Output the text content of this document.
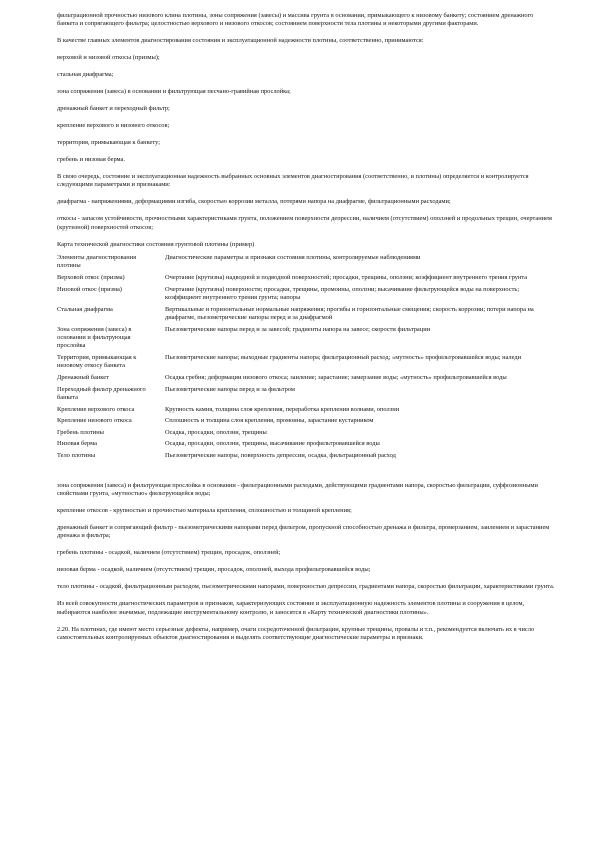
фильтрационной прочностью низового клина плотины, зоны сопряжения (завесы) и массива грунта в основании, примыкающего к низовому банкету; состоянием дренажного банкета и сопрягающего фильтра; целостностью верхового и низового откосов; состоянием поверхности тела плотины и некоторыми другими факторами.

В качестве главных элементов диагностирования состояния и эксплуатационной надежности плотины, соответственно, принимаются:

верховой и низовой откосы (призмы);

стальная диафрагма;

зона сопряжения (завеса) в основании и фильтрующая песчано-гравийная прослойка;

дренажный банкет и переходный фильтр;

крепление верхового и низового откосов;

территория, примыкающая к банкету;

гребень и низовая берма.

В свою очередь, состояние и эксплуатационная надежность выбранных основных элементов диагностирования (соответственно, и плотины) определяется и контролируется следующими параметрами и признаками:

диафрагма - напряжениями, деформациями изгиба, скоростью коррозии металла, потерями напора на диафрагме, фильтрационными расходами;

откосы - запасом устойчивости, прочностными характеристиками грунта, положением поверхности депрессии, наличием (отсутствием) оползней и продольных трещин, очертанием (крутизной) поверхностей откосов;

Карта технической диагностики состояния грунтовой плотины (пример)

Элементы диагностирования плотины	Диагностические параметры и признаки состояния плотины, контролируемые наблюдениями
Верховой откос (призма)	Очертание (крутизна) надводной и подводной поверхностей; просадки, трещины, оползни; коэффициент внутреннего трения грунта
Низовой откос (призма)	Очертание (крутизна) поверхности; просадки, трещины, промоины, оползни; высачивание фильтрующейся воды на поверхность; коэффициент внутреннего трения грунта; напоры
Стальная диафрагма	Вертикальные и горизонтальные нормальные напряжения; прогибы и горизонтальные смещения; скорость коррозии; потери напора на диафрагме, пьезометрические напоры перед и за диафрагмой
Зона сопряжения (завеса) в основании и фильтрующая прослойка	Пьезометрические напоры перед и за завесой; градиенты напора на завесе; скорости фильтрации
Территория, примыкающая к низовому откосу банкета	Пьезометрические напоры; выходные градиенты напора; фильтрационный расход; «мутность» профильтровавшейся воды; наледи
Дренажный банкет	Осадка гребня; деформации низового откоса; заиление; зарастание; замерзание воды; «мутность» профильтровавшейся воды
Переходный фильтр дренажного банкета	Пьезометрические напоры перед и за фильтром
Крепление верхового откоса	Крупность камня, толщина слоя крепления, переработка крепления волнами, оползни
Крепление низового откоса	Сплошность и толщина слоя крепления, промоины, зарастание кустарником
Гребень плотины	Осадка, просадки, оползни, трещины
Низовая берма	Осадка, просадки, оползни, трещины, высачивание профильтровавшейся воды
Тело плотины	Пьезометрические напоры, поверхность депрессии, осадка, фильтрационный расход

зона сопряжения (завеса) и фильтрующая прослойка в основании - фильтрационными расходами, действующими градиентами напора, скоростью фильтрации, суффозионными свойствами грунта, «мутностью» фильтрующейся воды;

крепление откосов - крупностью и прочностью материала крепления, сплошностью и толщиной крепления;

дренажный банкет и сопрягающий фильтр - пьезометрическими напорами перед фильтром, пропускной способностью дренажа и фильтра, промерзанием, заилением и зарастанием дренажа и фильтра;

гребень плотины - осадкой, наличием (отсутствием) трещин, просадок, оползней;

низовая берма - осадкой, наличием (отсутствием) трещин, просадок, оползней, выхода профильтровавшейся воды;

тело плотины - осадкой, фильтрационным расходом, пьезометрическими напорами, поверхностью депрессии, градиентами напора, скоростью фильтрации, характеристиками грунта.

Из всей совокупности диагностических параметров и признаков, характеризующих состояние и эксплуатационную надежность элементов плотины и сооружения в целом, выбираются наиболее значимые, подлежащие инструментальному контролю, и заносятся в «Карту технической диагностики плотины».

2.20. На плотинах, где имеют место серьезные дефекты, например, очаги сосредоточенной фильтрации, крупные трещины, провалы и т.п., рекомендуется включать их в число самостоятельных контролируемых объектов диагностирования и выделять соответствующие диагностические параметры и признаки.
